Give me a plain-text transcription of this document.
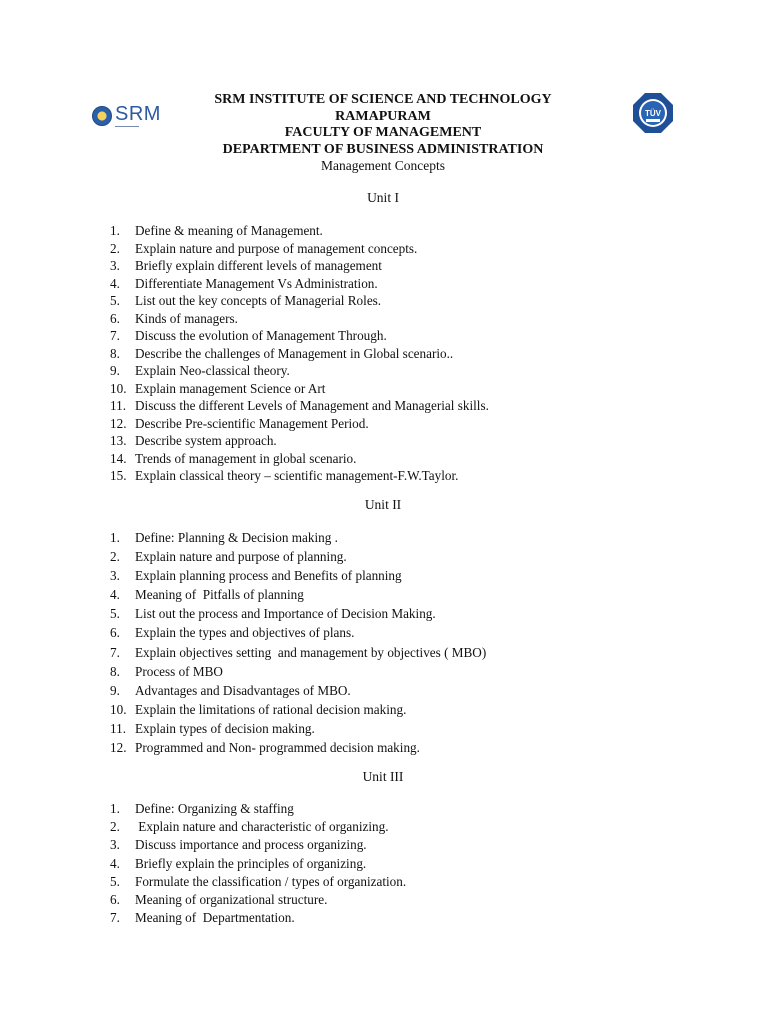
SRM
▬▬▬▬▬▬▬▬
TÜV
SRM INSTITUTE OF SCIENCE AND TECHNOLOGY
RAMAPURAM
FACULTY OF MANAGEMENT
DEPARTMENT OF BUSINESS ADMINISTRATION
Management Concepts
Unit I
1. Define & meaning of Management.
2. Explain nature and purpose of management concepts.
3. Briefly explain different levels of management
4. Differentiate Management Vs Administration.
5. List out the key concepts of Managerial Roles.
6. Kinds of managers.
7. Discuss the evolution of Management Through.
8. Describe the challenges of Management in Global scenario..
9. Explain Neo-classical theory.
10. Explain management Science or Art
11. Discuss the different Levels of Management and Managerial skills.
12. Describe Pre-scientific Management Period.
13. Describe system approach.
14. Trends of management in global scenario.
15. Explain classical theory – scientific management-F.W.Taylor.
Unit II
1. Define: Planning & Decision making .
2. Explain nature and purpose of planning.
3. Explain planning process and Benefits of planning
4. Meaning of  Pitfalls of planning
5. List out the process and Importance of Decision Making.
6. Explain the types and objectives of plans.
7. Explain objectives setting  and management by objectives ( MBO)
8. Process of MBO
9. Advantages and Disadvantages of MBO.
10. Explain the limitations of rational decision making.
11. Explain types of decision making.
12. Programmed and Non- programmed decision making.
Unit III
1. Define: Organizing & staffing
2. Explain nature and characteristic of organizing.
3. Discuss importance and process organizing.
4. Briefly explain the principles of organizing.
5. Formulate the classification / types of organization.
6. Meaning of organizational structure.
7. Meaning of  Departmentation.
